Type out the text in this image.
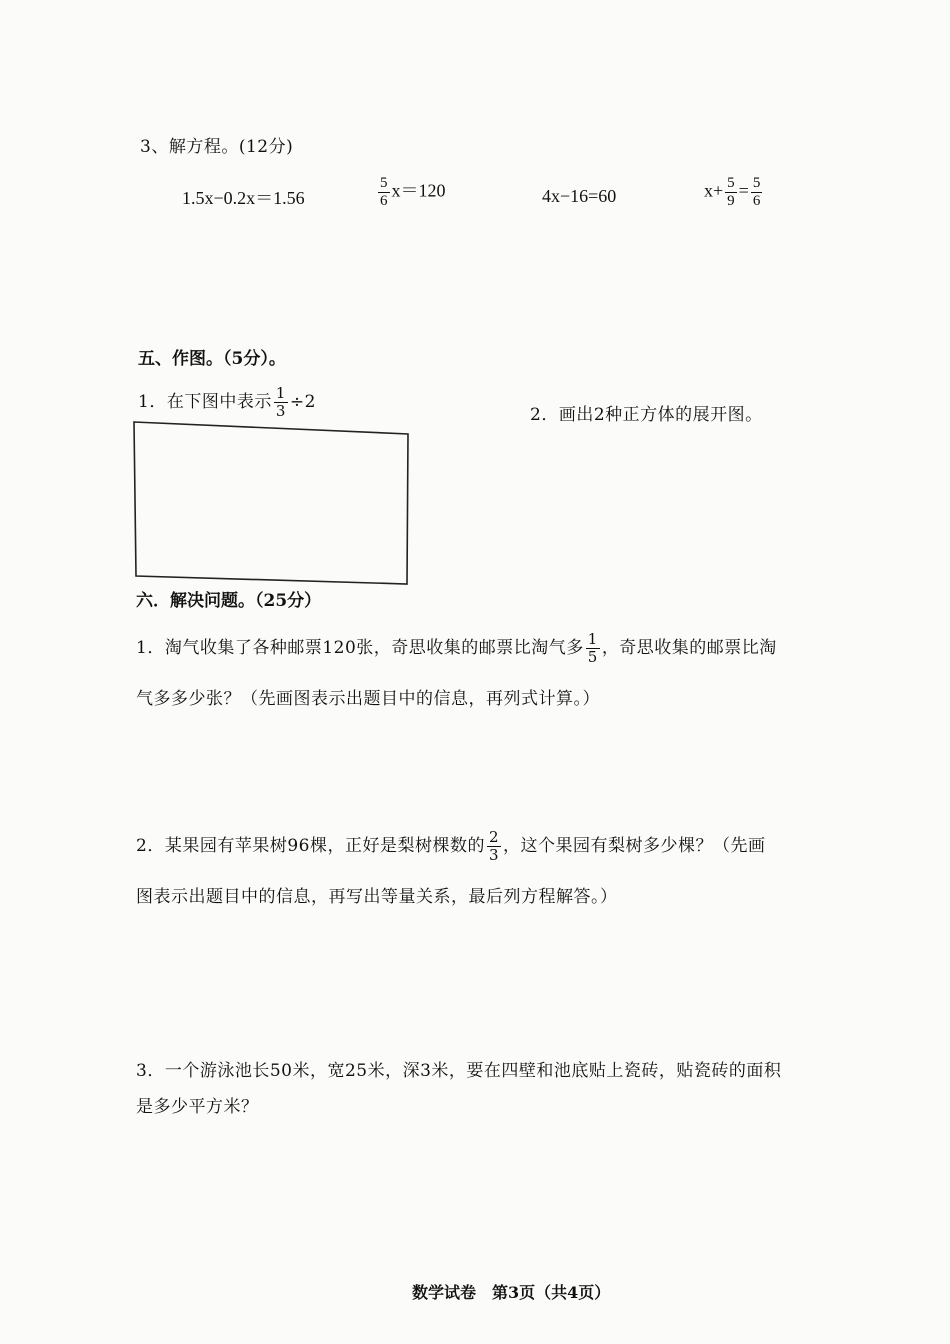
3、解方程。(12分)
1.5x−0.2x＝1.56	$\frac{5}{6} x=120$	4x−16=60	$x+ \frac{5}{9} = \frac{5}{6}$
五、作图。（5分）。
1．在下图中表示 $\frac{1}{3} \div 2$
2．画出2种正方体的展开图。
六．解决问题。（25分）
1．淘气收集了各种邮票120张，奇思收集的邮票比淘气多 $\frac{1}{5}$ ，奇思收集的邮票比淘
气多多少张？（先画图表示出题目中的信息，再列式计算。）
2．某果园有苹果树96棵，正好是梨树棵数的 $\frac{2}{3}$ ，这个果园有梨树多少棵？（先画
图表示出题目中的信息，再写出等量关系，最后列方程解答。）
3．一个游泳池长50米，宽25米，深3米，要在四壁和池底贴上瓷砖，贴瓷砖的面积
是多少平方米？
数学试卷　第3页（共4页）
